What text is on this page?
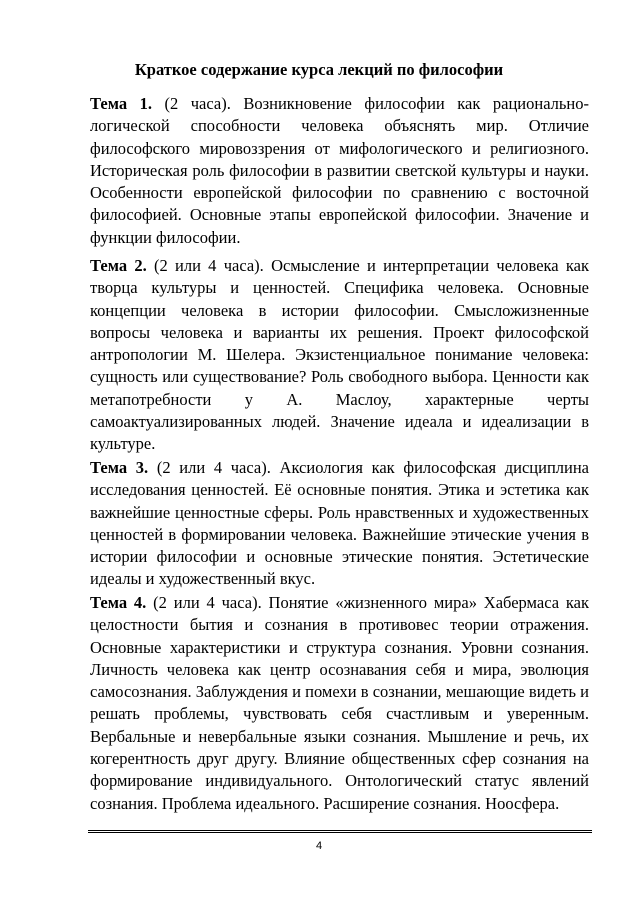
Краткое содержание курса лекций по философии

Тема 1. (2 часа). Возникновение философии как рационально-логической способности человека объяснять мир. Отличие философского мировоззрения от мифологического и религиозного. Историческая роль философии в развитии светской культуры и науки. Особенности европейской философии по сравнению с восточной философией. Основные этапы европейской философии. Значение и функции философии.

Тема 2. (2 или 4 часа). Осмысление и интерпретации человека как творца культуры и ценностей. Специфика человека. Основные концепции человека в истории философии. Смысложизненные вопросы человека и варианты их решения. Проект философской антропологии М. Шелера. Экзистенциальное понимание человека: сущность или существование? Роль свободного выбора. Ценности как метапотребности у А. Маслоу, характерные черты самоактуализированных людей. Значение идеала и идеализации в культуре.

Тема 3. (2 или 4 часа). Аксиология как философская дисциплина исследования ценностей. Её основные понятия. Этика и эстетика как важнейшие ценностные сферы. Роль нравственных и художественных ценностей в формировании человека. Важнейшие этические учения в истории философии и основные этические понятия. Эстетические идеалы и художественный вкус.

Тема 4. (2 или 4 часа). Понятие «жизненного мира» Хабермаса как целостности бытия и сознания в противовес теории отражения. Основные характеристики и структура сознания. Уровни сознания. Личность человека как центр осознавания себя и мира, эволюция самосознания. Заблуждения и помехи в сознании, мешающие видеть и решать проблемы, чувствовать себя счастливым и уверенным. Вербальные и невербальные языки сознания. Мышление и речь, их когерентность друг другу. Влияние общественных сфер сознания на формирование индивидуального. Онтологический статус явлений сознания. Проблема идеального. Расширение сознания. Ноосфера.

4
